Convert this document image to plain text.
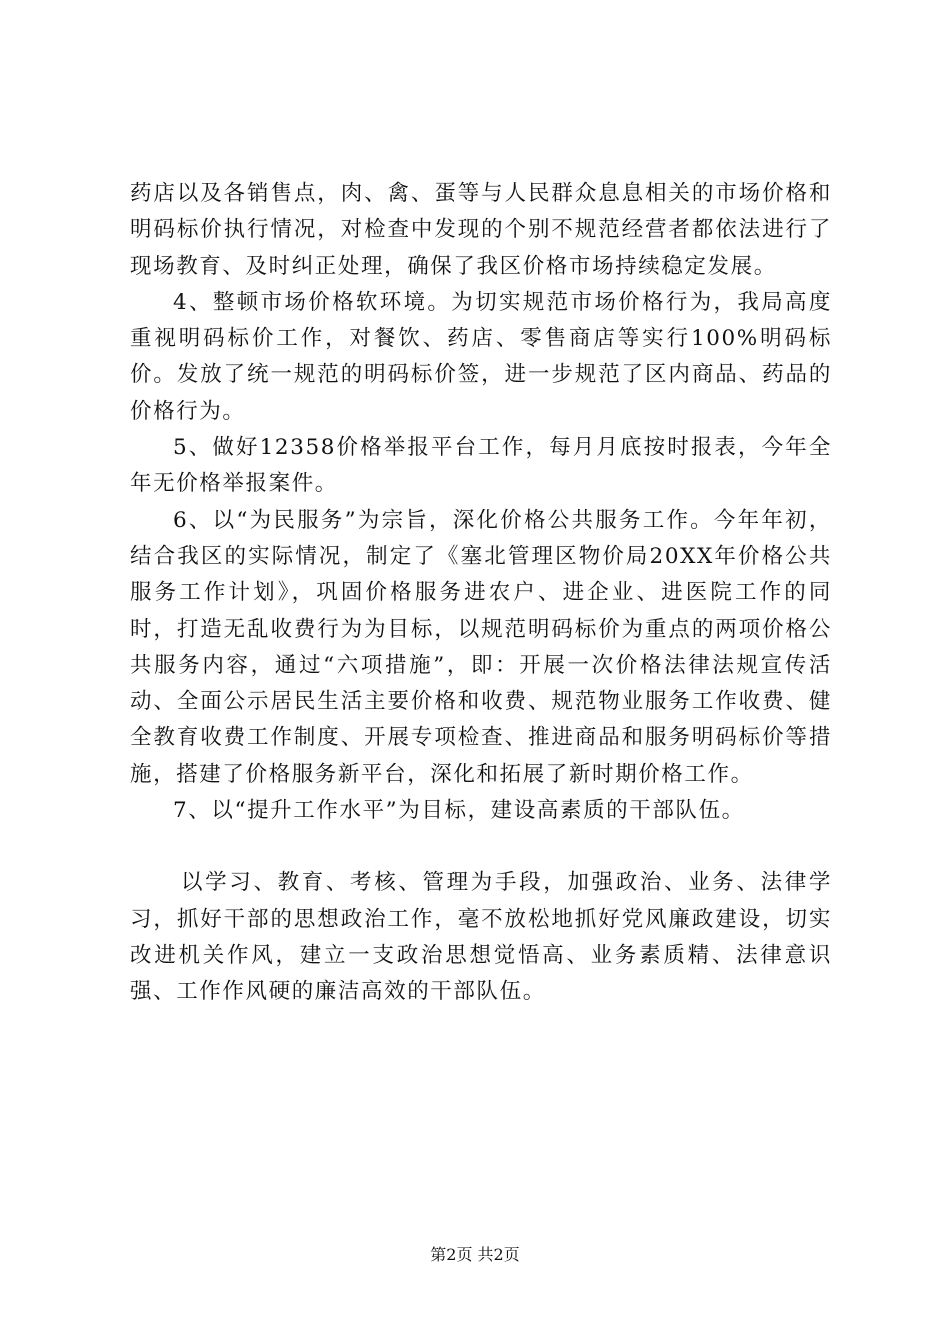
药店以及各销售点，肉、禽、蛋等与人民群众息息相关的市场价格和明码标价执行情况，对检查中发现的个别不规范经营者都依法进行了现场教育、及时纠正处理，确保了我区价格市场持续稳定发展。

4、整顿市场价格软环境。为切实规范市场价格行为，我局高度重视明码标价工作，对餐饮、药店、零售商店等实行100%明码标价。发放了统一规范的明码标价签，进一步规范了区内商品、药品的价格行为。

5、做好12358价格举报平台工作，每月月底按时报表，今年全年无价格举报案件。

6、以“为民服务”为宗旨，深化价格公共服务工作。今年年初，结合我区的实际情况，制定了《塞北管理区物价局20XX年价格公共服务工作计划》，巩固价格服务进农户、进企业、进医院工作的同时，打造无乱收费行为为目标，以规范明码标价为重点的两项价格公共服务内容，通过“六项措施”，即：开展一次价格法律法规宣传活动、全面公示居民生活主要价格和收费、规范物业服务工作收费、健全教育收费工作制度、开展专项检查、推进商品和服务明码标价等措施，搭建了价格服务新平台，深化和拓展了新时期价格工作。

7、以“提升工作水平”为目标，建设高素质的干部队伍。

以学习、教育、考核、管理为手段，加强政治、业务、法律学习，抓好干部的思想政治工作，毫不放松地抓好党风廉政建设，切实改进机关作风，建立一支政治思想觉悟高、业务素质精、法律意识强、工作作风硬的廉洁高效的干部队伍。

第2页 共2页
